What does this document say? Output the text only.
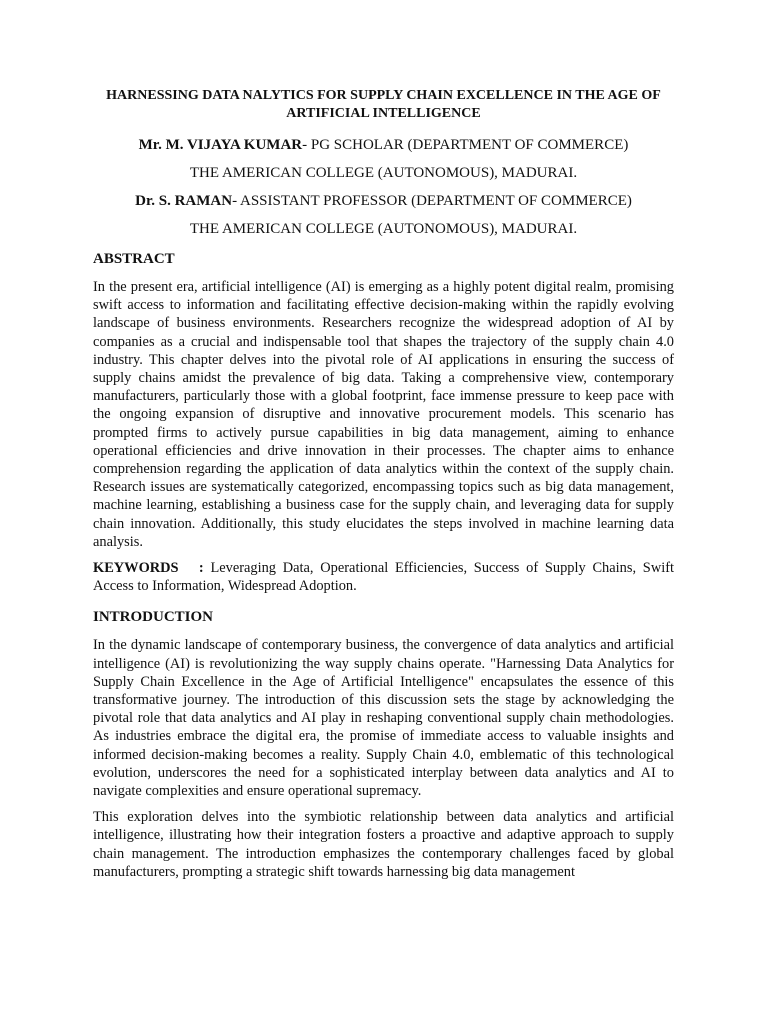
HARNESSING DATA NALYTICS FOR SUPPLY CHAIN EXCELLENCE IN THE AGE OF ARTIFICIAL INTELLIGENCE
Mr. M. VIJAYA KUMAR- PG SCHOLAR (DEPARTMENT OF COMMERCE)
THE AMERICAN COLLEGE (AUTONOMOUS), MADURAI.
Dr. S. RAMAN- ASSISTANT PROFESSOR (DEPARTMENT OF COMMERCE)
THE AMERICAN COLLEGE (AUTONOMOUS), MADURAI.
ABSTRACT

In the present era, artificial intelligence (AI) is emerging as a highly potent digital realm, promising swift access to information and facilitating effective decision-making within the rapidly evolving landscape of business environments. Researchers recognize the widespread adoption of AI by companies as a crucial and indispensable tool that shapes the trajectory of the supply chain 4.0 industry. This chapter delves into the pivotal role of AI applications in ensuring the success of supply chains amidst the prevalence of big data. Taking a comprehensive view, contemporary manufacturers, particularly those with a global footprint, face immense pressure to keep pace with the ongoing expansion of disruptive and innovative procurement models. This scenario has prompted firms to actively pursue capabilities in big data management, aiming to enhance operational efficiencies and drive innovation in their processes. The chapter aims to enhance comprehension regarding the application of data analytics within the context of the supply chain. Research issues are systematically categorized, encompassing topics such as big data management, machine learning, establishing a business case for the supply chain, and leveraging data for supply chain innovation. Additionally, this study elucidates the steps involved in machine learning data analysis.

KEYWORDS   : Leveraging Data, Operational Efficiencies, Success of Supply Chains, Swift Access to Information, Widespread Adoption.

INTRODUCTION

In the dynamic landscape of contemporary business, the convergence of data analytics and artificial intelligence (AI) is revolutionizing the way supply chains operate. "Harnessing Data Analytics for Supply Chain Excellence in the Age of Artificial Intelligence" encapsulates the essence of this transformative journey. The introduction of this discussion sets the stage by acknowledging the pivotal role that data analytics and AI play in reshaping conventional supply chain methodologies. As industries embrace the digital era, the promise of immediate access to valuable insights and informed decision-making becomes a reality. Supply Chain 4.0, emblematic of this technological evolution, underscores the need for a sophisticated interplay between data analytics and AI to navigate complexities and ensure operational supremacy.

This exploration delves into the symbiotic relationship between data analytics and artificial intelligence, illustrating how their integration fosters a proactive and adaptive approach to supply chain management. The introduction emphasizes the contemporary challenges faced by global manufacturers, prompting a strategic shift towards harnessing big data management
